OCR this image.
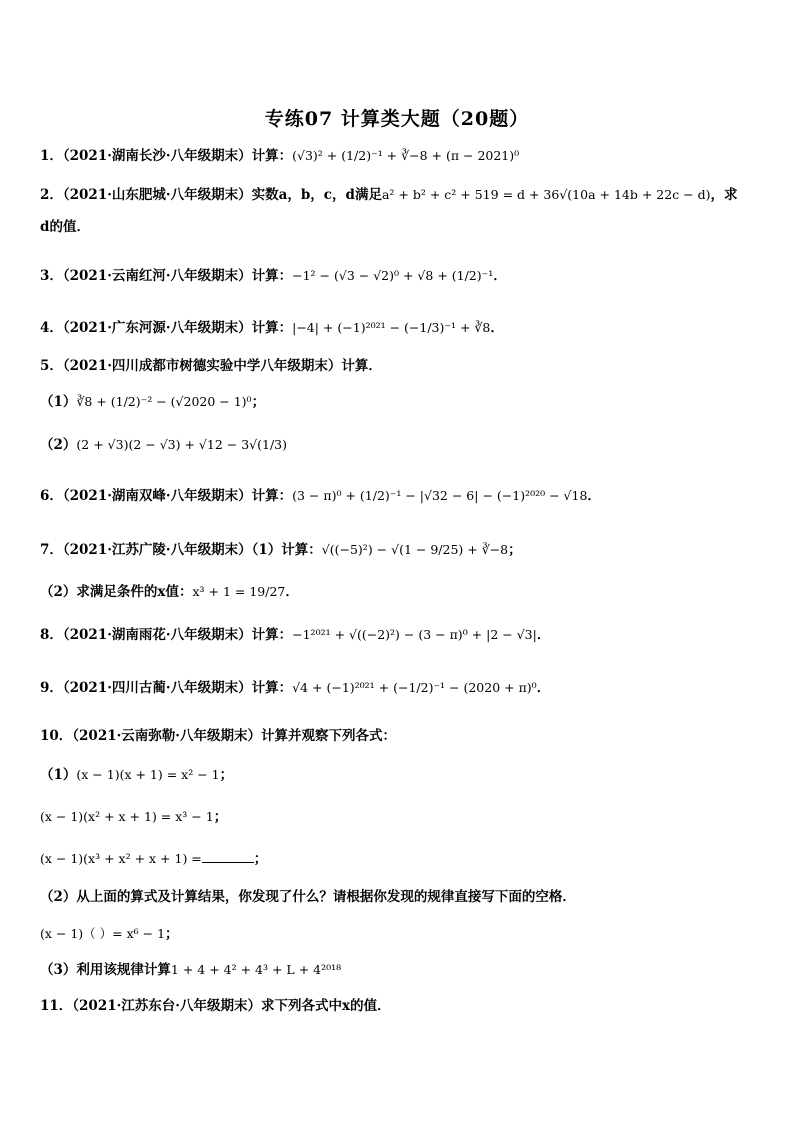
专练07 计算类大题（20题）
1．（2021·湖南长沙·八年级期末）计算：(√3)² + (1/2)⁻¹ + ∛−8 + (π − 2021)⁰
2．（2021·山东肥城·八年级期末）实数a，b，c，d满足a² + b² + c² + 519 = d + 36√(10a + 14b + 22c − d)，求
d的值．
3．（2021·云南红河·八年级期末）计算：−1² − (√3 − √2)⁰ + √8 + (1/2)⁻¹．
4．（2021·广东河源·八年级期末）计算：|−4| + (−1)²⁰²¹ − (−1/3)⁻¹ + ∛8．
5．（2021·四川成都市树德实验中学八年级期末）计算．
（1）∛8 + (1/2)⁻² − (√2020 − 1)⁰；
（2）(2 + √3)(2 − √3) + √12 − 3√(1/3)
6．（2021·湖南双峰·八年级期末）计算：(3 − π)⁰ + (1/2)⁻¹ − |√32 − 6| − (−1)²⁰²⁰ − √18．
7．（2021·江苏广陵·八年级期末）（1）计算：√((−5)²) − √(1 − 9/25) + ∛−8；
（2）求满足条件的x值：x³ + 1 = 19/27．
8．（2021·湖南雨花·八年级期末）计算：−1²⁰²¹ + √((−2)²) − (3 − π)⁰ + |2 − √3|．
9．（2021·四川古蔺·八年级期末）计算：√4 + (−1)²⁰²¹ + (−1/2)⁻¹ − (2020 + π)⁰．
10．（2021·云南弥勒·八年级期末）计算并观察下列各式：
（1）(x − 1)(x + 1) = x² − 1；
(x − 1)(x² + x + 1) = x³ − 1；
(x − 1)(x³ + x² + x + 1) =	；
（2）从上面的算式及计算结果，你发现了什么？请根据你发现的规律直接写下面的空格．
(x − 1)（ ）= x⁶ − 1；
（3）利用该规律计算1 + 4 + 4² + 4³ + L + 4²⁰¹⁸
11．（2021·江苏东台·八年级期末）求下列各式中x的值．
